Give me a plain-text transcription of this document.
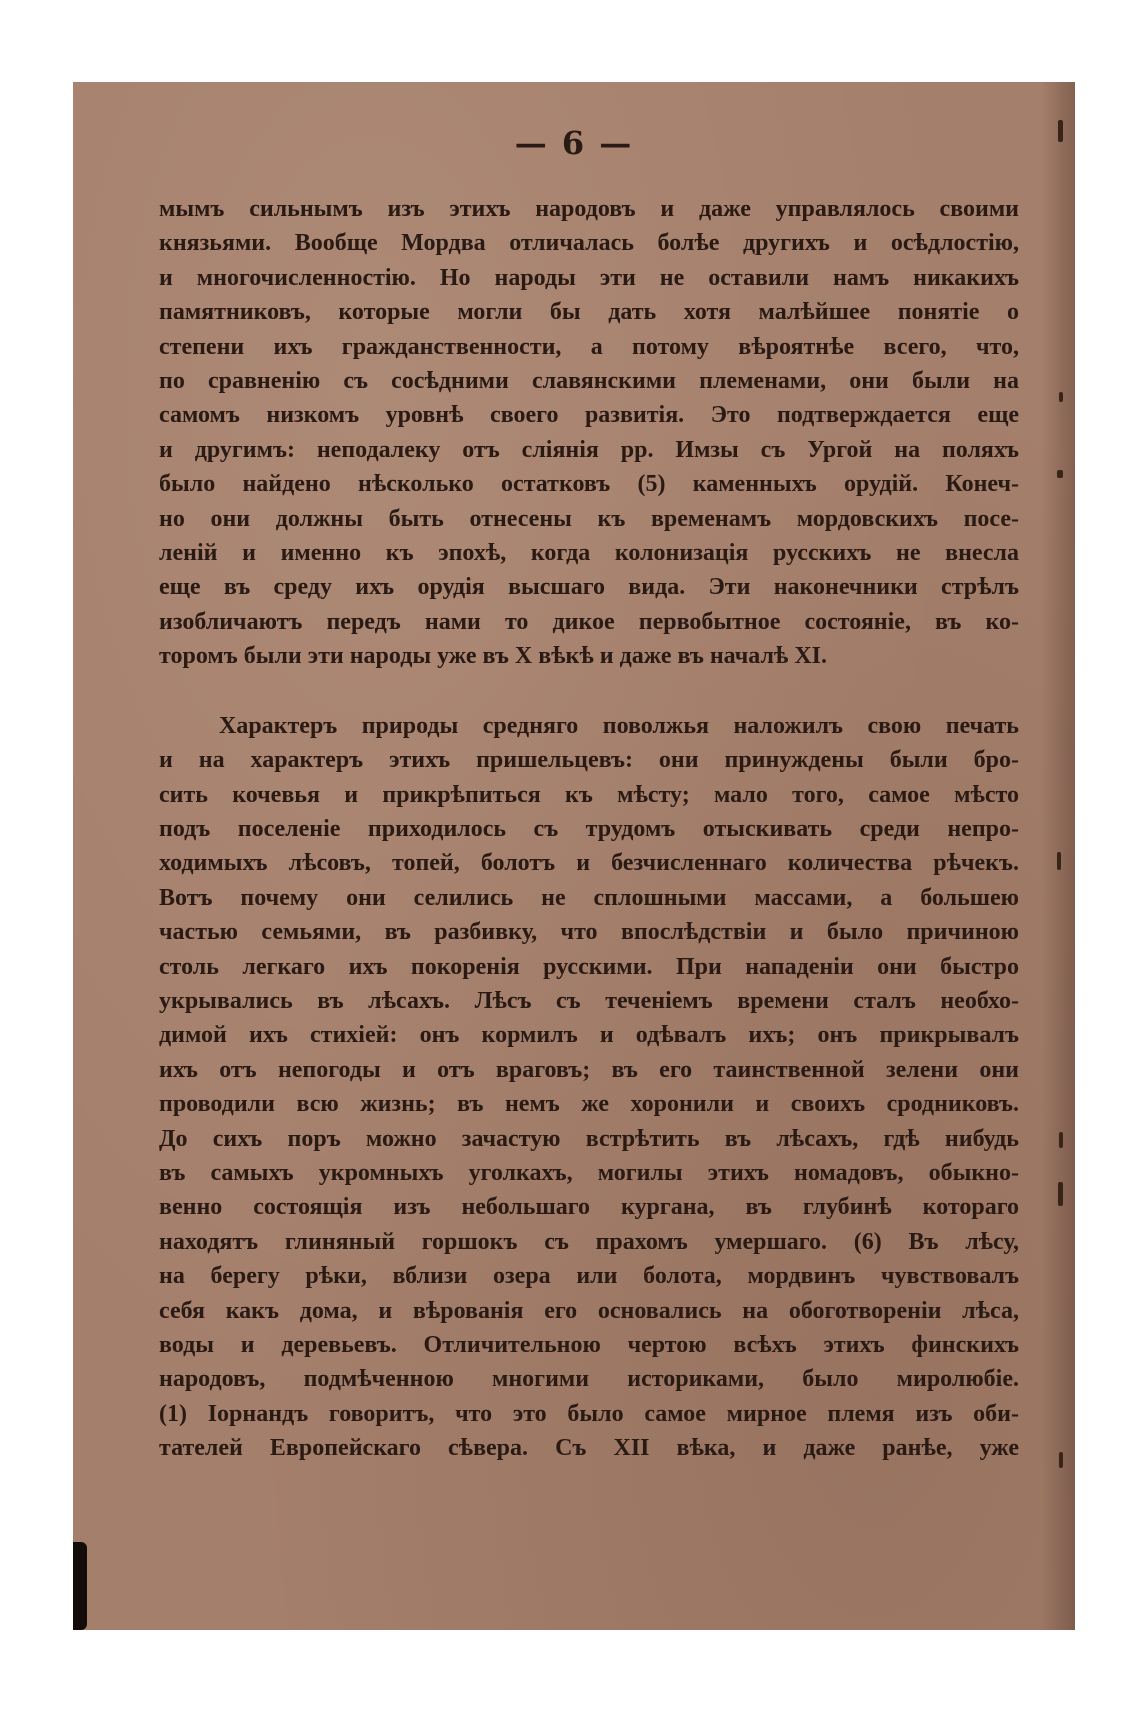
— 6 —
мымъ сильнымъ изъ этихъ народовъ и даже управлялось своими
князьями. Вообще Мордва отличалась болѣе другихъ и осѣдлостію,
и многочисленностію. Но народы эти не оставили намъ никакихъ
памятниковъ, которые могли бы дать хотя малѣйшее понятіе о
степени ихъ гражданственности, а потому вѣроятнѣе всего, что,
по сравненію съ сосѣдними славянскими племенами, они были на
самомъ низкомъ уровнѣ своего развитія. Это подтверждается еще
и другимъ: неподалеку отъ сліянія рр. Имзы съ Ургой на поляхъ
было найдено нѣсколько остатковъ (5) каменныхъ орудій. Конеч-
но они должны быть отнесены къ временамъ мордовскихъ посе-
леній и именно къ эпохѣ, когда колонизація русскихъ не внесла
еще въ среду ихъ орудія высшаго вида. Эти наконечники стрѣлъ
изобличаютъ передъ нами то дикое первобытное состояніе, въ ко-
торомъ были эти народы уже въ X вѣкѣ и даже въ началѣ XI.
Характеръ природы средняго поволжья наложилъ свою печать
и на характеръ этихъ пришельцевъ: они принуждены были бро-
сить кочевья и прикрѣпиться къ мѣсту; мало того, самое мѣсто
подъ поселеніе приходилось съ трудомъ отыскивать среди непро-
ходимыхъ лѣсовъ, топей, болотъ и безчисленнаго количества рѣчекъ.
Вотъ почему они селились не сплошными массами, а большею
частью семьями, въ разбивку, что впослѣдствіи и было причиною
столь легкаго ихъ покоренія русскими. При нападеніи они быстро
укрывались въ лѣсахъ. Лѣсъ съ теченіемъ времени сталъ необхо-
димой ихъ стихіей: онъ кормилъ и одѣвалъ ихъ; онъ прикрывалъ
ихъ отъ непогоды и отъ враговъ; въ его таинственной зелени они
проводили всю жизнь; въ немъ же хоронили и своихъ сродниковъ.
До сихъ поръ можно зачастую встрѣтить въ лѣсахъ, гдѣ нибудь
въ самыхъ укромныхъ уголкахъ, могилы этихъ номадовъ, обыкно-
венно состоящія изъ небольшаго кургана, въ глубинѣ котораго
находятъ глиняный горшокъ съ прахомъ умершаго. (6) Въ лѣсу,
на берегу рѣки, вблизи озера или болота, мордвинъ чувствовалъ
себя какъ дома, и вѣрованія его основались на обоготвореніи лѣса,
воды и деревьевъ. Отличительною чертою всѣхъ этихъ финскихъ
народовъ, подмѣченною многими историками, было миролюбіе.
(1) Іорнандъ говоритъ, что это было самое мирное племя изъ оби-
тателей Европейскаго сѣвера. Съ XII вѣка, и даже ранѣе, уже
